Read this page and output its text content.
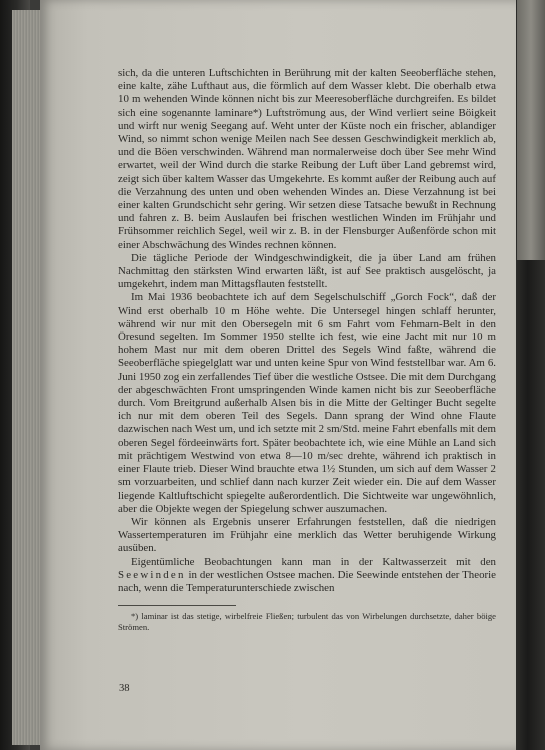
sich, da die unteren Luftschichten in Berührung mit der kalten Seeoberfläche stehen, eine kalte, zähe Lufthaut aus, die förmlich auf dem Wasser klebt. Die oberhalb etwa 10 m wehenden Winde können nicht bis zur Meeresoberfläche durchgreifen. Es bildet sich eine sogenannte laminare*) Luftströmung aus, der Wind verliert seine Böigkeit und wirft nur wenig Seegang auf. Weht unter der Küste noch ein frischer, ablandiger Wind, so nimmt schon wenige Meilen nach See dessen Geschwindigkeit merklich ab, und die Böen verschwinden. Während man normalerweise doch über See mehr Wind erwartet, weil der Wind durch die starke Reibung der Luft über Land gebremst wird, zeigt sich über kaltem Wasser das Umgekehrte. Es kommt außer der Reibung auch auf die Verzahnung des unten und oben wehenden Windes an. Diese Verzahnung ist bei einer kalten Grundschicht sehr gering. Wir setzen diese Tatsache bewußt in Rechnung und fahren z. B. beim Auslaufen bei frischen westlichen Winden im Frühjahr und Frühsommer reichlich Segel, weil wir z. B. in der Flensburger Außenförde schon mit einer Abschwächung des Windes rechnen können.

Die tägliche Periode der Windgeschwindigkeit, die ja über Land am frühen Nachmittag den stärksten Wind erwarten läßt, ist auf See praktisch ausgelöscht, ja umgekehrt, indem man Mittagsflauten feststellt.

Im Mai 1936 beobachtete ich auf dem Segelschulschiff „Gorch Fock“, daß der Wind erst oberhalb 10 m Höhe wehte. Die Untersegel hingen schlaff herunter, während wir nur mit den Obersegeln mit 6 sm Fahrt vom Fehmarn-Belt in den Öresund segelten. Im Sommer 1950 stellte ich fest, wie eine Jacht mit nur 10 m hohem Mast nur mit dem oberen Drittel des Segels Wind faßte, während die Seeoberfläche spiegelglatt war und unten keine Spur von Wind feststellbar war. Am 6. Juni 1950 zog ein zerfallendes Tief über die westliche Ostsee. Die mit dem Durchgang der abgeschwächten Front umspringenden Winde kamen nicht bis zur Seeoberfläche durch. Vom Breitgrund außerhalb Alsen bis in die Mitte der Geltinger Bucht segelte ich nur mit dem oberen Teil des Segels. Dann sprang der Wind ohne Flaute dazwischen nach West um, und ich setzte mit 2 sm/Std. meine Fahrt ebenfalls mit dem oberen Segel fördeeinwärts fort. Später beobachtete ich, wie eine Mühle an Land sich mit prächtigem Westwind von etwa 8—10 m/sec drehte, während ich praktisch in einer Flaute trieb. Dieser Wind brauchte etwa 1½ Stunden, um sich auf dem Wasser 2 sm vorzuarbeiten, und schlief dann nach kurzer Zeit wieder ein. Die auf dem Wasser liegende Kaltluftschicht spiegelte außerordentlich. Die Sichtweite war ungewöhnlich, aber die Objekte wegen der Spiegelung schwer auszumachen.

Wir können als Ergebnis unserer Erfahrungen feststellen, daß die niedrigen Wassertemperaturen im Frühjahr eine merklich das Wetter beruhigende Wirkung ausüben.

Eigentümliche Beobachtungen kann man in der Kaltwasserzeit mit den Seewinden in der westlichen Ostsee machen. Die Seewinde entstehen der Theorie nach, wenn die Temperaturunterschiede zwischen

*) laminar ist das stetige, wirbelfreie Fließen; turbulent das von Wirbelungen durchsetzte, daher böige Strömen.

38
